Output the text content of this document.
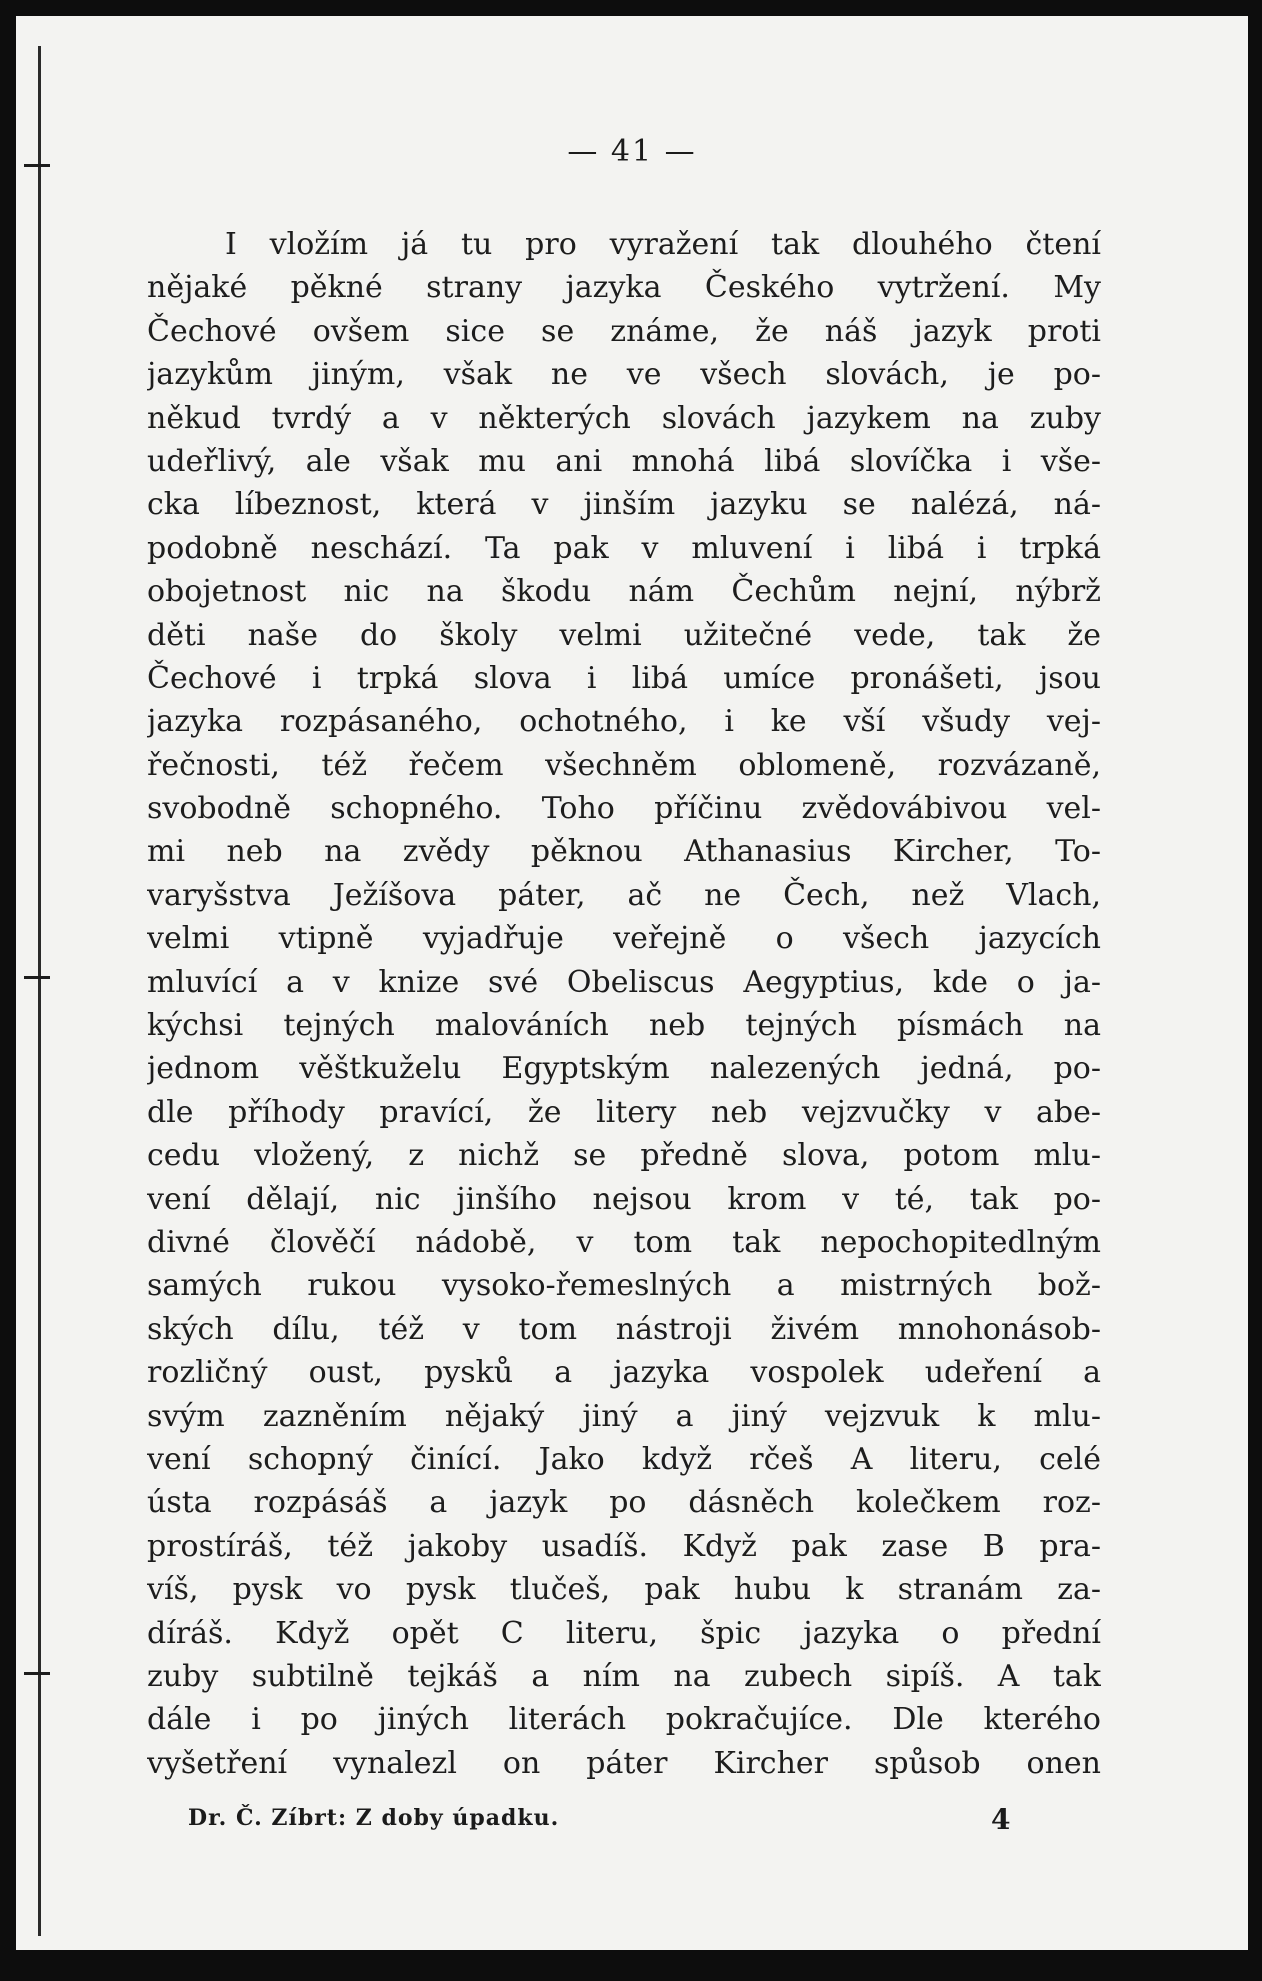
— 41 —
I vložím já tu pro vyražení tak dlouhého čtení
nějaké pěkné strany jazyka Českého vytržení. My
Čechové ovšem sice se známe, že náš jazyk proti
jazykům jiným, však ne ve všech slovách, je po-
někud tvrdý a v některých slovách jazykem na zuby
udeřlivý, ale však mu ani mnohá libá slovíčka i vše-
cka líbeznost, která v jinším jazyku se nalézá, ná-
podobně neschází. Ta pak v mluvení i libá i trpká
obojetnost nic na škodu nám Čechům nejní, nýbrž
děti naše do školy velmi užitečné vede, tak že
Čechové i trpká slova i libá umíce pronášeti, jsou
jazyka rozpásaného, ochotného, i ke vší všudy vej-
řečnosti, též řečem všechněm oblomeně, rozvázaně,
svobodně schopného. Toho příčinu zvědovábivou vel-
mi neb na zvědy pěknou Athanasius Kircher, To-
varyšstva Ježíšova páter, ač ne Čech, než Vlach,
velmi vtipně vyjadřuje veřejně o všech jazycích
mluvící a v knize své Obeliscus Aegyptius, kde o ja-
kýchsi tejných malováních neb tejných písmách na
jednom věštkuželu Egyptským nalezených jedná, po-
dle příhody pravící, že litery neb vejzvučky v abe-
cedu vložený, z nichž se předně slova, potom mlu-
vení dělají, nic jinšího nejsou krom v té, tak po-
divné člověčí nádobě, v tom tak nepochopitedlným
samých rukou vysoko-řemeslných a mistrných bož-
ských dílu, též v tom nástroji živém mnohonásob-
rozličný oust, pysků a jazyka vospolek udeření a
svým zazněním nějaký jiný a jiný vejzvuk k mlu-
vení schopný činící. Jako když rčeš A literu, celé
ústa rozpásáš a jazyk po dásněch kolečkem roz-
prostíráš, též jakoby usadíš. Když pak zase B pra-
víš, pysk vo pysk tlučeš, pak hubu k stranám za-
díráš. Když opět C literu, špic jazyka o přední
zuby subtilně tejkáš a ním na zubech sipíš. A tak
dále i po jiných literách pokračujíce. Dle kterého
vyšetření vynalezl on páter Kircher spůsob onen
Dr. Č. Zíbrt: Z doby úpadku.	4
